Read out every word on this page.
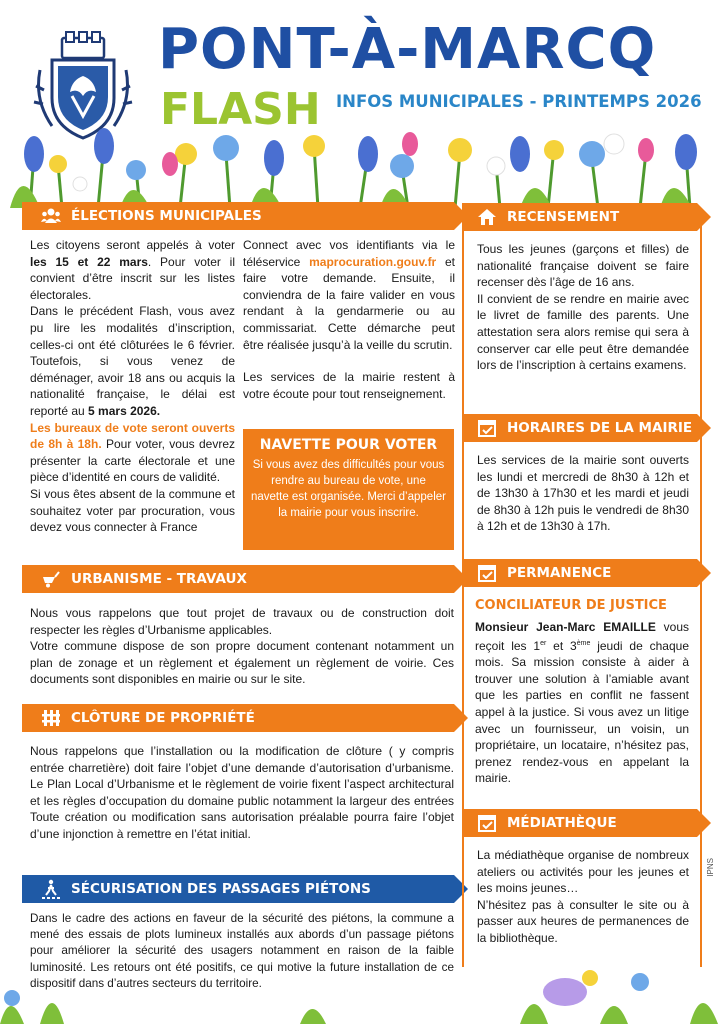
PONT-À-MARCQ
FLASH INFOS MUNICIPALES - PRINTEMPS 2026
ÉLECTIONS MUNICIPALES

Les citoyens seront appelés à voter les 15 et 22 mars. Pour voter il convient d’être inscrit sur les listes électorales.

Dans le précédent Flash, vous avez pu lire les modalités d’inscription, celles-ci ont été clôturées le 6 février. Toutefois, si vous venez de déménager, avoir 18 ans ou acquis la nationalité française, le délai est reporté au 5 mars 2026.

Les bureaux de vote seront ouverts de 8h à 18h. Pour voter, vous devrez présenter la carte électorale et une pièce d’identité en cours de validité.

Si vous êtes absent de la commune et souhaitez voter par procuration, vous devez vous connecter à France

Connect avec vos identifiants via le téléservice maprocuration.gouv.fr et faire votre demande. Ensuite, il conviendra de la faire valider en vous rendant à la gendarmerie ou au commissariat. Cette démarche peut être réalisée jusqu’à la veille du scrutin.

Les services de la mairie restent à votre écoute pour tout renseignement.

NAVETTE POUR VOTER
Si vous avez des difficultés pour vous rendre au bureau de vote, une navette est organisée. Merci d’appeler la mairie pour vous inscrire.
URBANISME - TRAVAUX

Nous vous rappelons que tout projet de travaux ou de construction doit respecter les règles d’Urbanisme applicables.

Votre commune dispose de son propre document contenant notamment un plan de zonage et un règlement et également un règlement de voirie. Ces documents sont disponibles en mairie ou sur le site.

CLÔTURE DE PROPRIÉTÉ

Nous rappelons que l’installation ou la modification de clôture ( y compris entrée charretière) doit faire l’objet d’une demande d’autorisation d’urbanisme. Le Plan Local d’Urbanisme et le règlement de voirie fixent l’aspect architectural et les règles d’occupation du domaine public notamment la largeur des entrées Toute création ou modification sans autorisation préalable pourra faire l’objet d’une injonction à remettre en l’état initial.

SÉCURISATION DES PASSAGES PIÉTONS

Dans le cadre des actions en faveur de la sécurité des piétons, la commune a mené des essais de plots lumineux installés aux abords d’un passage piétons pour améliorer la sécurité des usagers notamment en raison de la faible luminosité. Les retours ont été positifs, ce qui motive la future installation de ce dispositif dans d’autres secteurs du territoire.

RECENSEMENT

Tous les jeunes (garçons et filles) de nationalité française doivent se faire recenser dès l’âge de 16 ans.

Il convient de se rendre en mairie avec le livret de famille des parents. Une attestation sera alors remise qui sera à conserver car elle peut être demandée lors de l’inscription à certains examens.

HORAIRES DE LA MAIRIE

Les services de la mairie sont ouverts les lundi et mercredi de 8h30 à 12h et de 13h30 à 17h30 et les mardi et jeudi de 8h30 à 12h puis le vendredi de 8h30 à 12h et de 13h30 à 17h.

PERMANENCE
CONCILIATEUR DE JUSTICE

Monsieur Jean-Marc EMAILLE vous reçoit les 1er et 3ème jeudi de chaque mois. Sa mission consiste à aider à trouver une solution à l’amiable avant que les parties en conflit ne fassent appel à la justice. Si vous avez un litige avec un fournisseur, un voisin, un propriétaire, un locataire, n’hésitez pas, prenez rendez-vous en appelant la mairie.

MÉDIATHÈQUE

La médiathèque organise de nombreux ateliers ou activités pour les jeunes et les moins jeunes…

N’hésitez pas à consulter le site ou à passer aux heures de permanences de la bibliothèque.

IPNS
